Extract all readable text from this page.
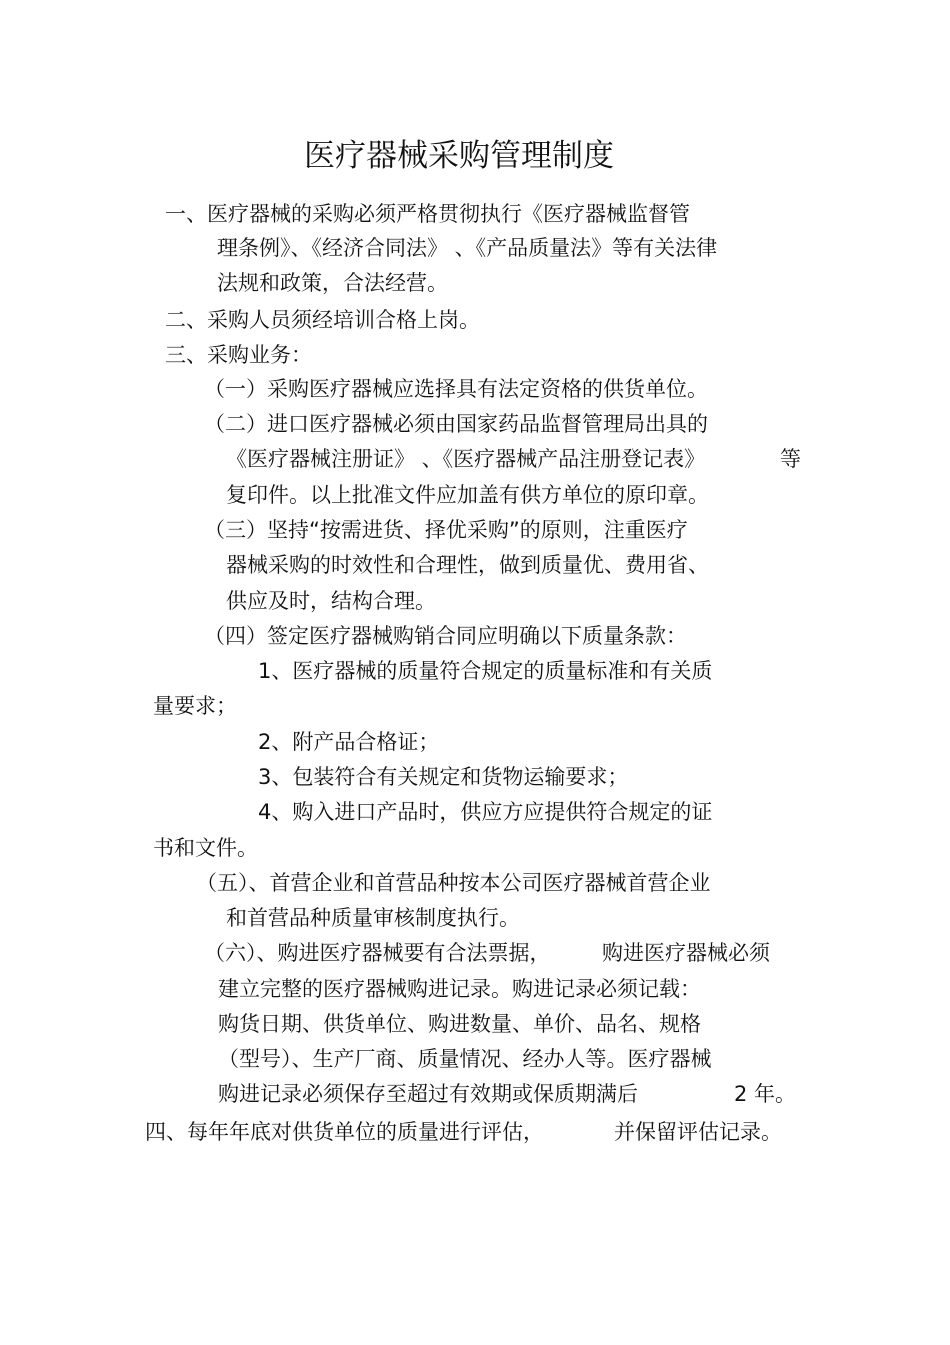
医疗器械采购管理制度
一、医疗器械的采购必须严格贯彻执行《医疗器械监督管
理条例》、《经济合同法》 、《产品质量法》等有关法律
法规和政策，合法经营。
二、采购人员须经培训合格上岗。
三、采购业务：
（一）采购医疗器械应选择具有法定资格的供货单位。
（二）进口医疗器械必须由国家药品监督管理局出具的
《医疗器械注册证》 、《医疗器械产品注册登记表》	等
复印件。以上批准文件应加盖有供方单位的原印章。
（三）坚持“按需进货、择优采购”的原则，注重医疗
器械采购的时效性和合理性，做到质量优、费用省、
供应及时，结构合理。
（四）签定医疗器械购销合同应明确以下质量条款：
1、医疗器械的质量符合规定的质量标准和有关质
量要求；
2、附产品合格证；
3、包装符合有关规定和货物运输要求；
4、购入进口产品时，供应方应提供符合规定的证
书和文件。
（五）、首营企业和首营品种按本公司医疗器械首营企业
和首营品种质量审核制度执行。
（六）、购进医疗器械要有合法票据， 购进医疗器械必须
建立完整的医疗器械购进记录。购进记录必须记载：
购货日期、供货单位、购进数量、单价、品名、规格
（型号）、生产厂商、质量情况、经办人等。医疗器械
购进记录必须保存至超过有效期或保质期满后	2 年。
四、每年年底对供货单位的质量进行评估，	并保留评估记录。
